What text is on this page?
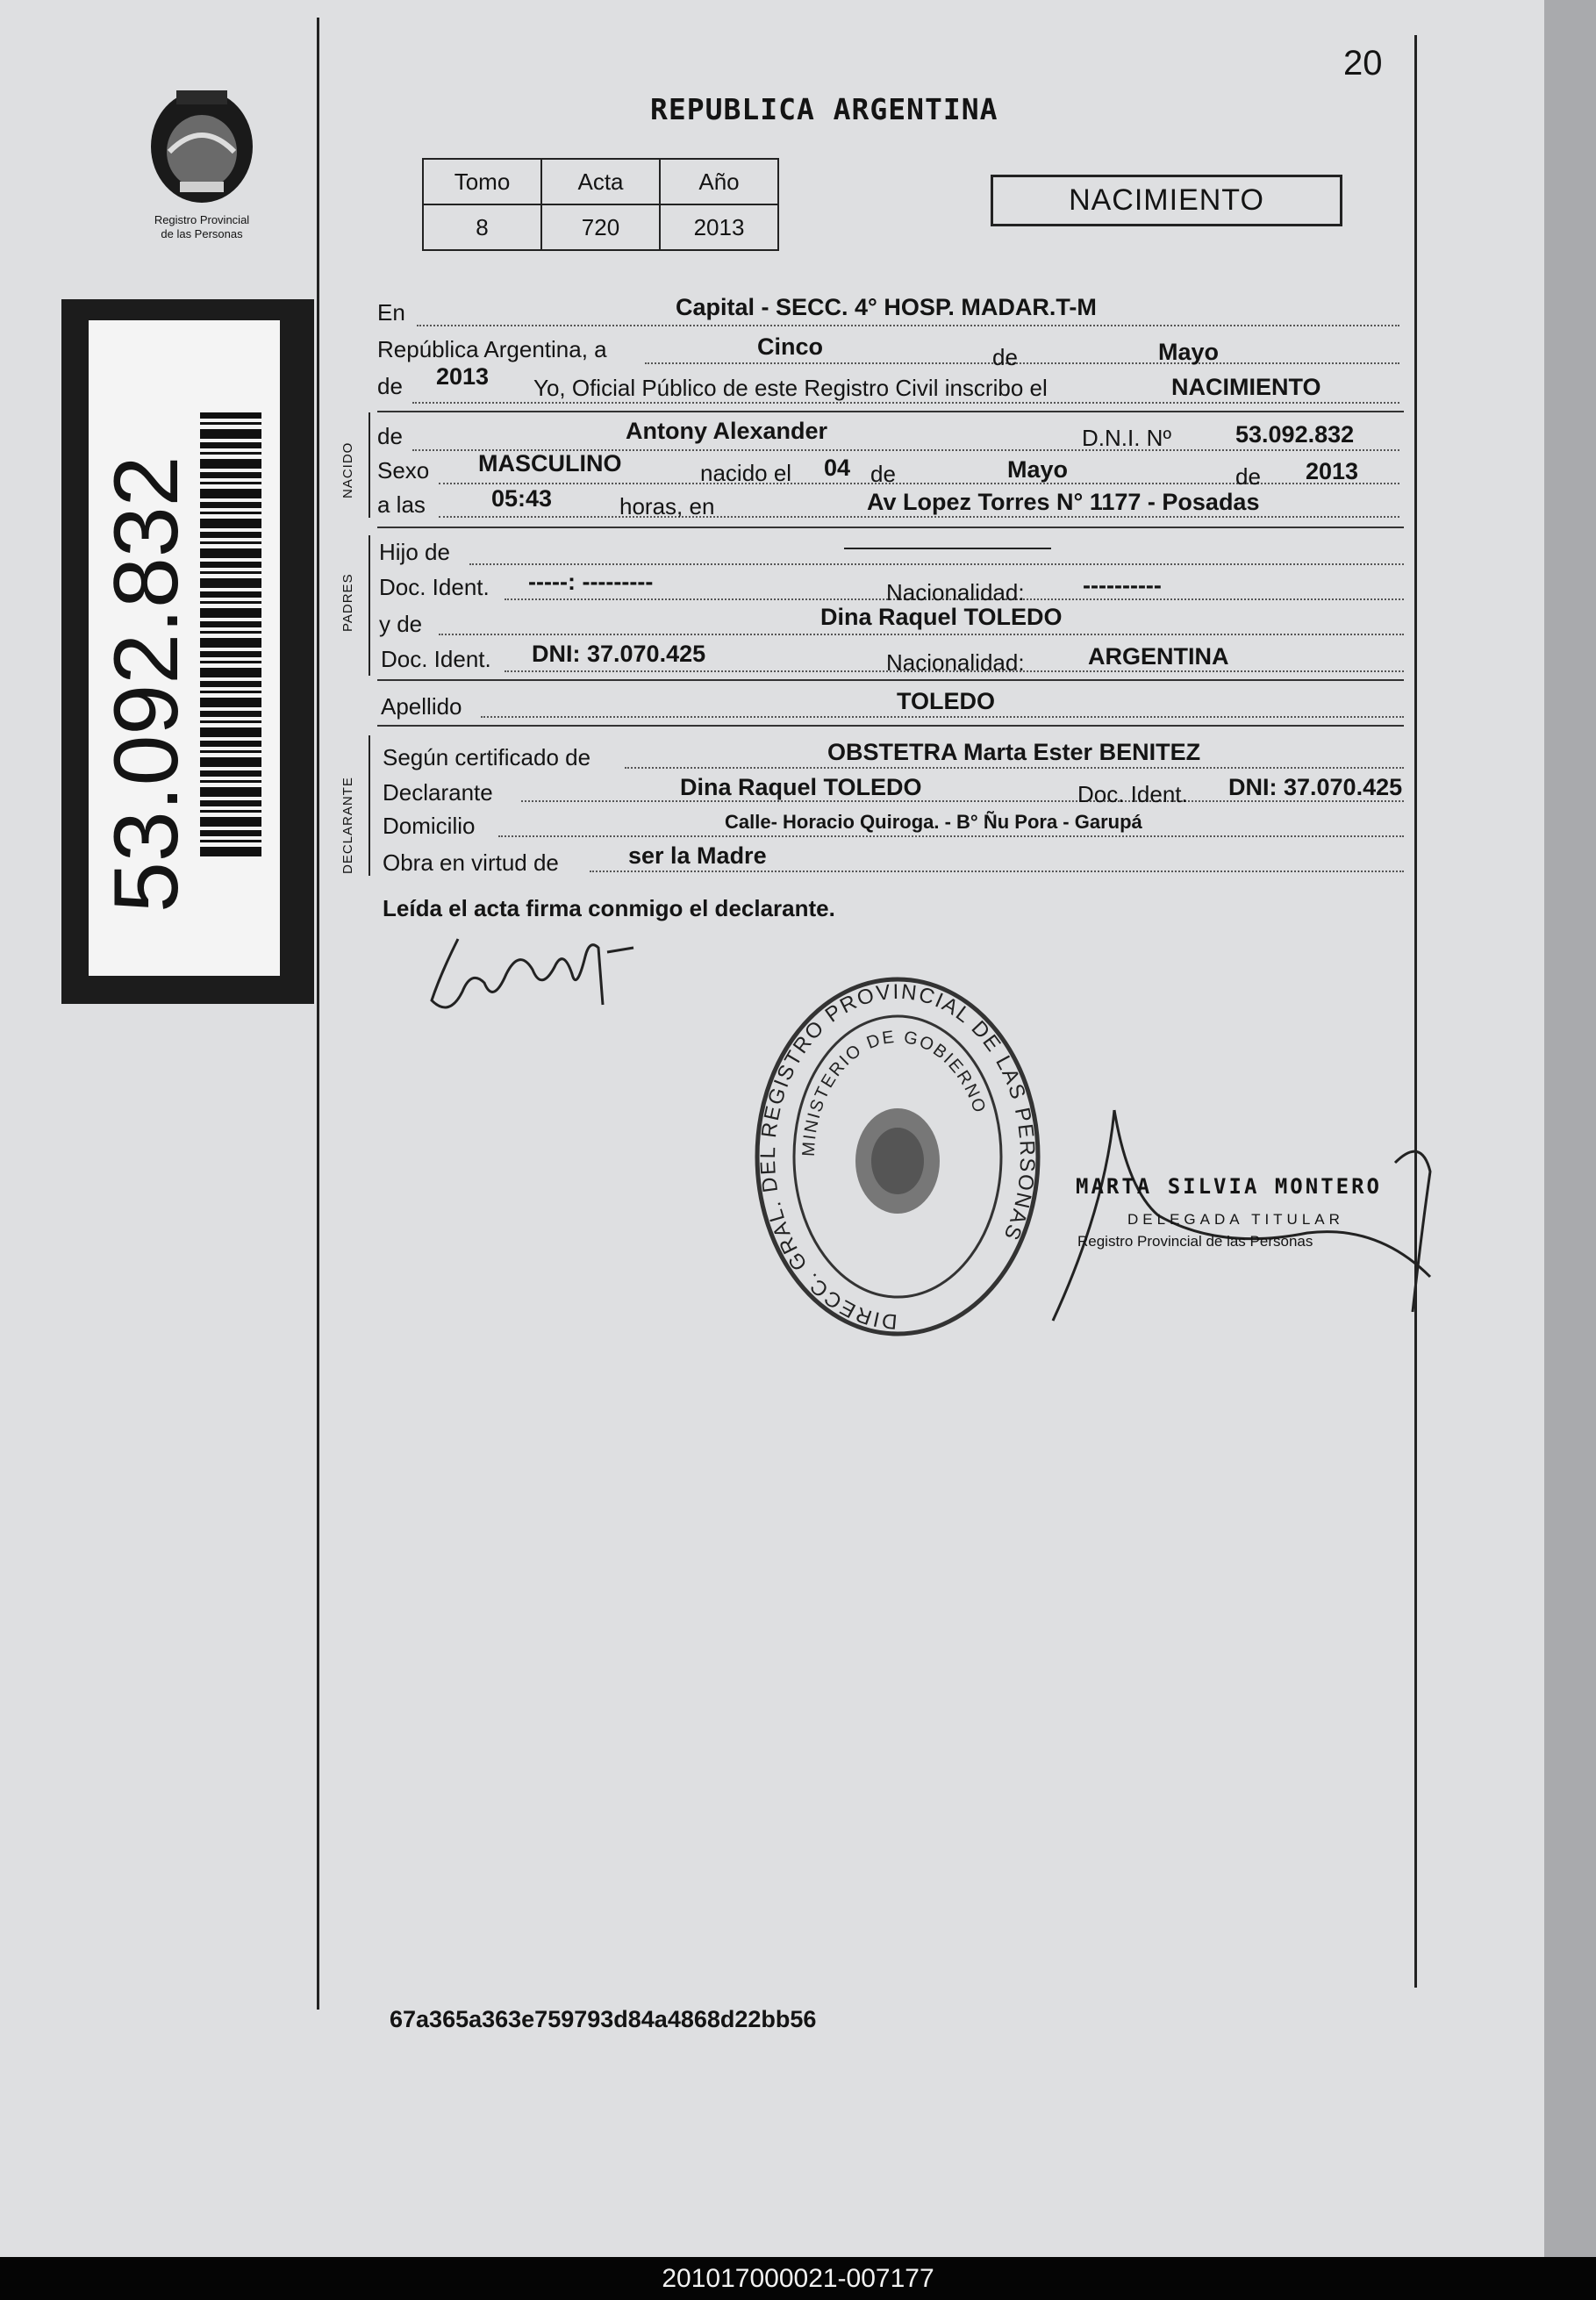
Registro Provincial
de las Personas
53.092.832
20
REPUBLICA ARGENTINA
Tomo	Acta	Año
8	720	2013
NACIMIENTO
En	Capital - SECC. 4° HOSP. MADAR.T-M
República Argentina, a	Cinco	de	Mayo
de 2013 Yo, Oficial Público de este Registro Civil inscribo el	NACIMIENTO
NACIDO
de	Antony Alexander	D.N.I. Nº	53.092.832
Sexo MASCULINO	nacido el 04 de	Mayo	de 2013
a las	05:43	horas, en	Av Lopez Torres N° 1177 - Posadas
PADRES
Hijo de
Doc. Ident. -----: ---------	Nacionalidad: ----------
y de	Dina Raquel TOLEDO
Doc. Ident. DNI: 37.070.425	Nacionalidad:	ARGENTINA
Apellido	TOLEDO
DECLARANTE
Según certificado de	OBSTETRA Marta Ester BENITEZ
Declarante	Dina Raquel TOLEDO	Doc. Ident. DNI: 37.070.425
Domicilio	Calle- Horacio Quiroga. - B° Ñu Pora - Garupá
Obra en virtud de	ser la Madre
Leída el acta firma conmigo el declarante.
DIRECC. GRAL. DEL REGISTRO PROVINCIAL DE LAS PERSONAS
MINISTERIO DE GOBIERNO
MARTA SILVIA MONTERO
DELEGADA TITULAR
Registro Provincial de las Personas
67a365a363e759793d84a4868d22bb56
201017000021-007177
